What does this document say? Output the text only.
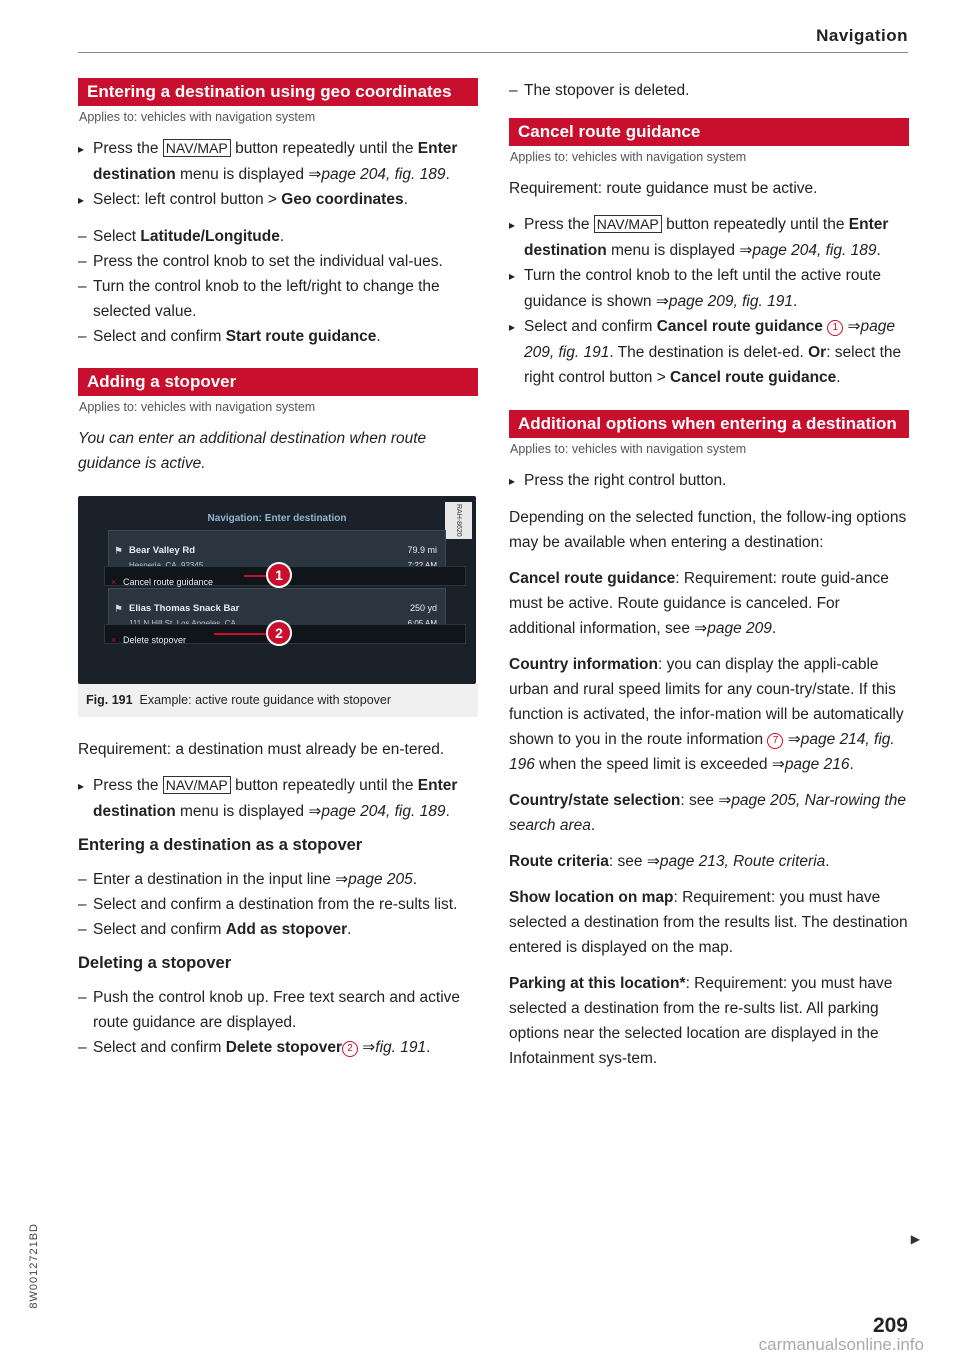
Navigation
Entering a destination using geo coordinates
Applies to: vehicles with navigation system
▸ Press the NAV/MAP button repeatedly until the Enter destination menu is displayed ⇒page 204, fig. 189.
▸ Select: left control button > Geo coordinates.
– Select Latitude/Longitude.
– Press the control knob to set the individual val-ues.
– Turn the control knob to the left/right to change the selected value.
– Select and confirm Start route guidance.
Adding a stopover
Applies to: vehicles with navigation system
You can enter an additional destination when route guidance is active.
Navigation: Enter destination	RAH-8620
⚑ Bear Valley Rd	79.9 mi
× Cancel route guidance	1
⚑ Elias Thomas Snack Bar	250 yd
× Delete stopover	2
Fig. 191 Example: active route guidance with stopover

Requirement: a destination must already be en-tered.

▸ Press the NAV/MAP button repeatedly until the Enter destination menu is displayed ⇒page 204, fig. 189.
Entering a destination as a stopover
– Enter a destination in the input line ⇒page 205.
– Select and confirm a destination from the re-sults list.
– Select and confirm Add as stopover.
Deleting a stopover
– Push the control knob up. Free text search and active route guidance are displayed.
– Select and confirm Delete stopover 2 ⇒fig. 191.
– The stopover is deleted.
Cancel route guidance
Applies to: vehicles with navigation system

Requirement: route guidance must be active.

▸ Press the NAV/MAP button repeatedly until the Enter destination menu is displayed ⇒page 204, fig. 189.
▸ Turn the control knob to the left until the active route guidance is shown ⇒page 209, fig. 191.
▸ Select and confirm Cancel route guidance 1 ⇒page 209, fig. 191. The destination is delet-ed. Or: select the right control button > Cancel route guidance.
Additional options when entering a destination
Applies to: vehicles with navigation system
▸ Press the right control button.

Depending on the selected function, the follow-ing options may be available when entering a destination:

Cancel route guidance: Requirement: route guid-ance must be active. Route guidance is canceled. For additional information, see ⇒page 209.

Country information: you can display the appli-cable urban and rural speed limits for any coun-try/state. If this function is activated, the infor-mation will be automatically shown to you in the route information 7 ⇒page 214, fig. 196 when the speed limit is exceeded ⇒page 216.

Country/state selection: see ⇒page 205, Nar-rowing the search area.

Route criteria: see ⇒page 213, Route criteria.

Show location on map: Requirement: you must have selected a destination from the results list. The destination entered is displayed on the map.

Parking at this location*: Requirement: you must have selected a destination from the re-sults list. All parking options near the selected location are displayed in the Infotainment sys-tem.

▶
8W0012721BD
209
carmanualsonline.info
